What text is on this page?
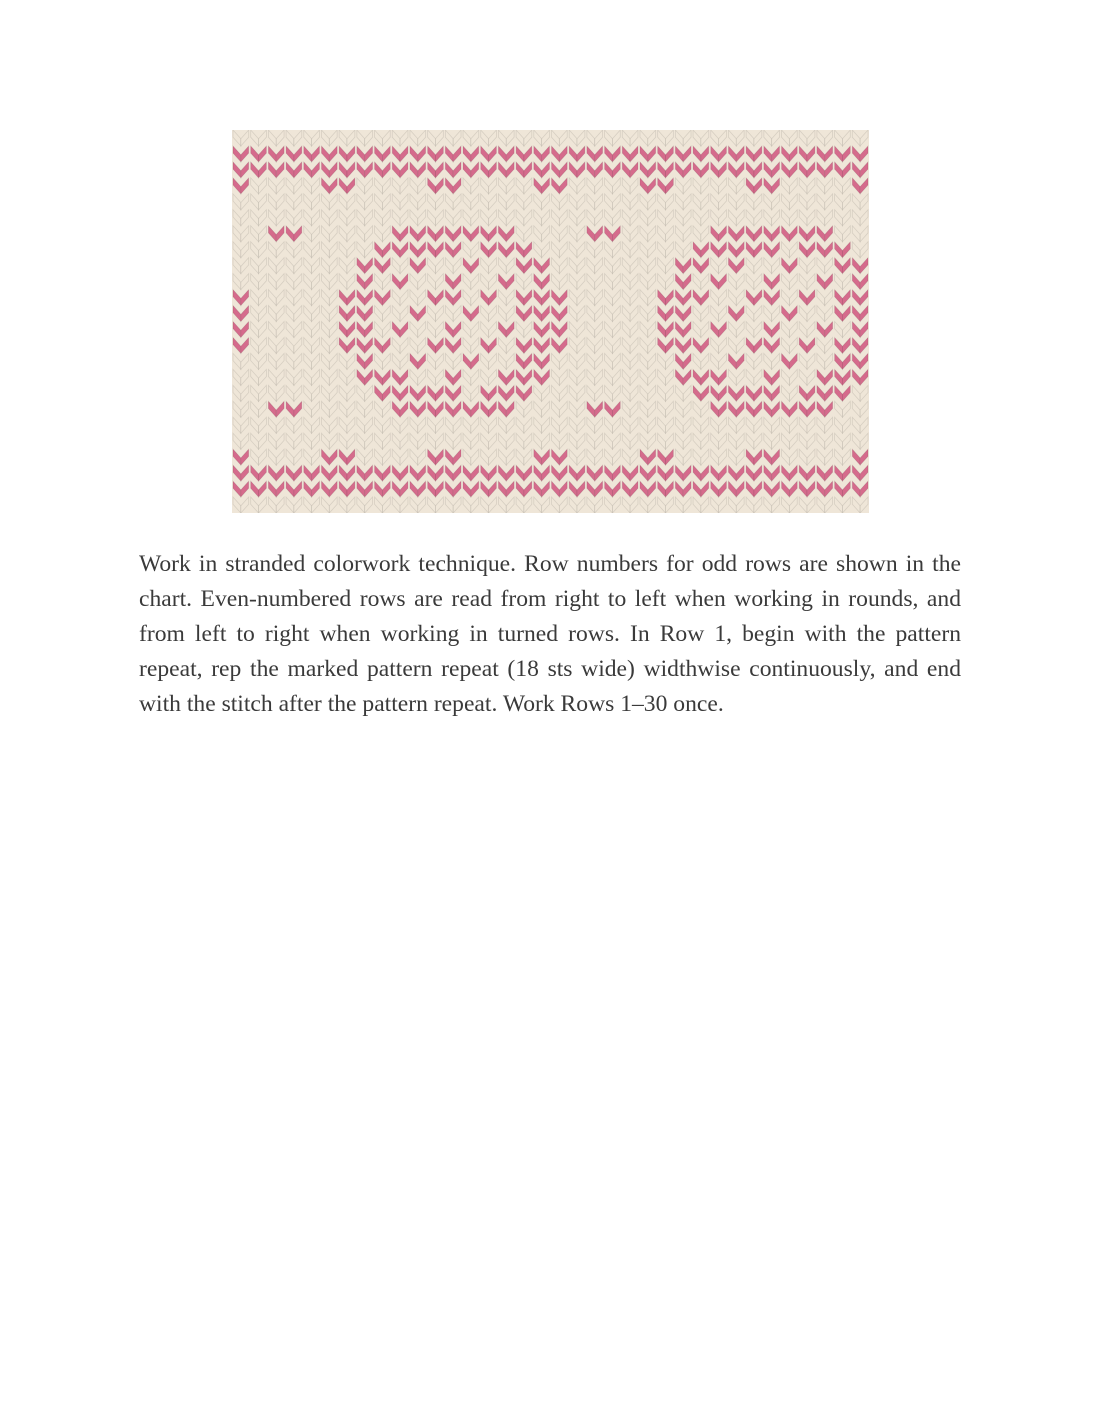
Work in stranded colorwork technique. Row numbers for odd rows are shown in the chart. Even-numbered rows are read from right to left when working in rounds, and from left to right when working in turned rows. In Row 1, begin with the pattern repeat, rep the marked pattern repeat (18 sts wide) widthwise continuously, and end with the stitch after the pattern repeat. Work Rows 1–30 once.
